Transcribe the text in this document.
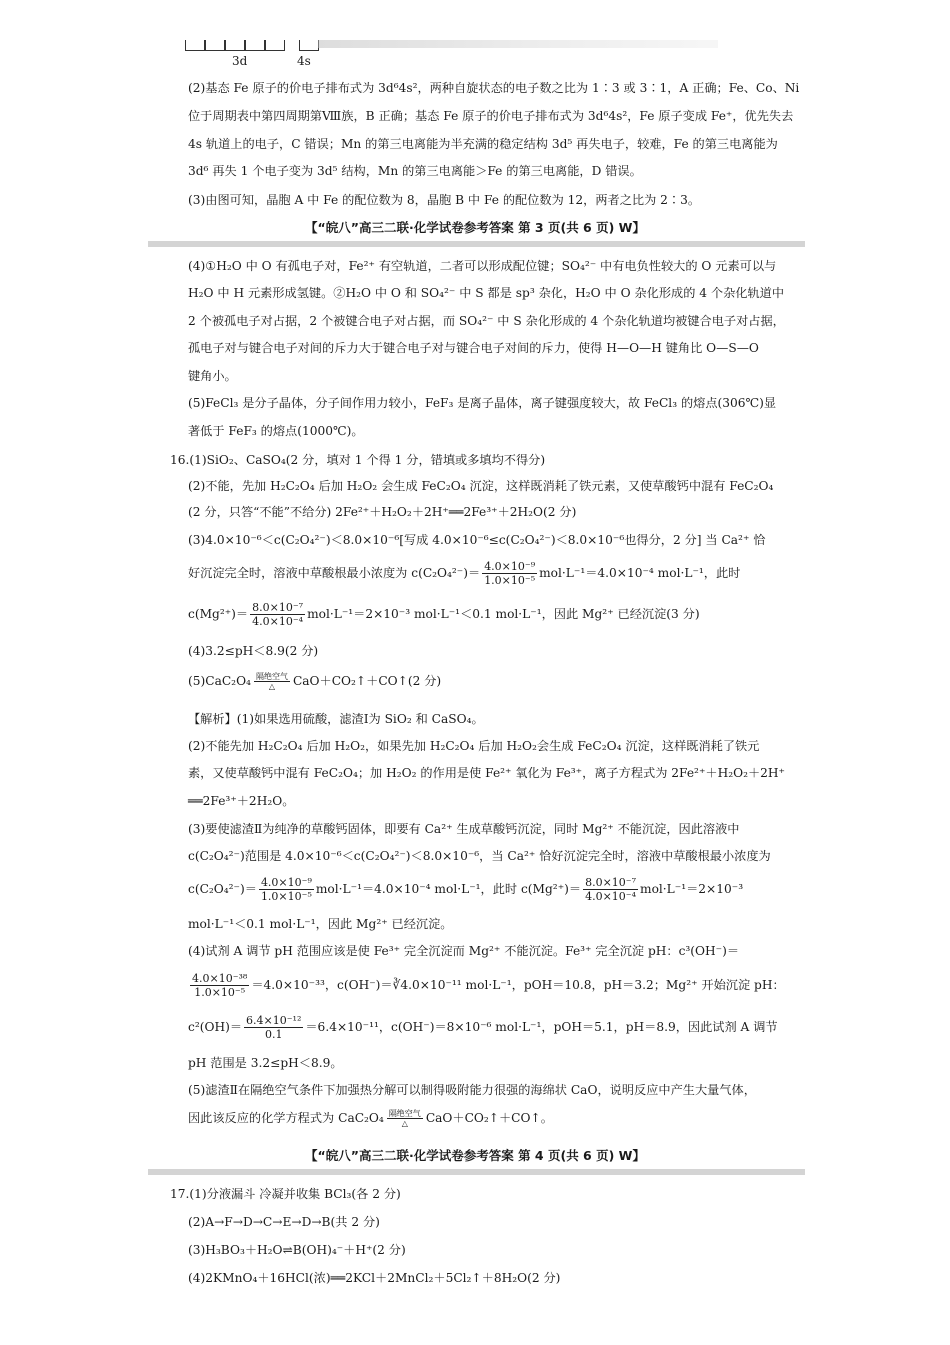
3d	4s
(2)基态 Fe 原子的价电子排布式为 3d⁶4s²，两种自旋状态的电子数之比为 1∶3 或 3∶1，A 正确；Fe、Co、Ni
位于周期表中第四周期第Ⅷ族，B 正确；基态 Fe 原子的价电子排布式为 3d⁶4s²，Fe 原子变成 Fe⁺，优先失去
4s 轨道上的电子，C 错误；Mn 的第三电离能为半充满的稳定结构 3d⁵ 再失电子，较难，Fe 的第三电离能为
3d⁶ 再失 1 个电子变为 3d⁵ 结构，Mn 的第三电离能＞Fe 的第三电离能，D 错误。
(3)由图可知，晶胞 A 中 Fe 的配位数为 8，晶胞 B 中 Fe 的配位数为 12，两者之比为 2∶3。
【“皖八”高三二联·化学试卷参考答案 第 3 页(共 6 页) W】
(4)①H₂O 中 O 有孤电子对，Fe²⁺ 有空轨道，二者可以形成配位键；SO₄²⁻ 中有电负性较大的 O 元素可以与
H₂O 中 H 元素形成氢键。②H₂O 中 O 和 SO₄²⁻ 中 S 都是 sp³ 杂化，H₂O 中 O 杂化形成的 4 个杂化轨道中
2 个被孤电子对占据，2 个被键合电子对占据，而 SO₄²⁻ 中 S 杂化形成的 4 个杂化轨道均被键合电子对占据，
孤电子对与键合电子对间的斥力大于键合电子对与键合电子对间的斥力，使得 H—O—H 键角比 O—S—O
键角小。
(5)FeCl₃ 是分子晶体，分子间作用力较小，FeF₃ 是离子晶体，离子键强度较大，故 FeCl₃ 的熔点(306℃)显
著低于 FeF₃ 的熔点(1000℃)。
16.(1)SiO₂、CaSO₄(2 分，填对 1 个得 1 分，错填或多填均不得分)
(2)不能，先加 H₂C₂O₄ 后加 H₂O₂ 会生成 FeC₂O₄ 沉淀，这样既消耗了铁元素，又使草酸钙中混有 FeC₂O₄
(2 分，只答“不能”不给分) 2Fe²⁺＋H₂O₂＋2H⁺══2Fe³⁺＋2H₂O(2 分)
(3)4.0×10⁻⁶＜c(C₂O₄²⁻)＜8.0×10⁻⁶[写成 4.0×10⁻⁶≤c(C₂O₄²⁻)＜8.0×10⁻⁶也得分，2 分] 当 Ca²⁺ 恰
好沉淀完全时，溶液中草酸根最小浓度为 $c(C_2O_4^{2-})= \frac{\text{4.0×10⁻⁹}}{\text{1.0×10⁻⁵}} mol\cdot L^{-1}=4.0\times 10^{-4}$ mol·L⁻¹，此时
$c(Mg^{2+})= \frac{\text{8.0×10⁻⁷}}{\text{4.0×10⁻⁴}} mol\cdot L^{-1}=2\times 10^{-3}$ mol·L⁻¹＜0.1 mol·L⁻¹，因此 Mg²⁺ 已经沉淀(3 分)
(4)3.2≤pH＜8.9(2 分)
(5)CaC₂O₄ 隔绝空气
△	CaO＋CO₂↑＋CO↑(2 分)
【解析】(1)如果选用硫酸，滤渣Ⅰ为 SiO₂ 和 CaSO₄。
(2)不能先加 H₂C₂O₄ 后加 H₂O₂，如果先加 H₂C₂O₄ 后加 H₂O₂会生成 FeC₂O₄ 沉淀，这样既消耗了铁元
素，又使草酸钙中混有 FeC₂O₄；加 H₂O₂ 的作用是使 Fe²⁺ 氧化为 Fe³⁺，离子方程式为 2Fe²⁺＋H₂O₂＋2H⁺
══2Fe³⁺＋2H₂O。
(3)要使滤渣Ⅱ为纯净的草酸钙固体，即要有 Ca²⁺ 生成草酸钙沉淀，同时 Mg²⁺ 不能沉淀，因此溶液中
c(C₂O₄²⁻)范围是 4.0×10⁻⁶＜c(C₂O₄²⁻)＜8.0×10⁻⁶，当 Ca²⁺ 恰好沉淀完全时，溶液中草酸根最小浓度为
$c(C_2O_4^{2-})= \frac{\text{4.0×10⁻⁹}}{\text{1.0×10⁻⁵}} mol\cdot L^{-1}=4.0\times 10^{-4}$ mol·L⁻¹，此时 $c(Mg^{2+})= \frac{\text{8.0×10⁻⁷}}{\text{4.0×10⁻⁴}} mol\cdot L^{-1}=2\times 10^{-3}$
mol·L⁻¹＜0.1 mol·L⁻¹，因此 Mg²⁺ 已经沉淀。
(4)试剂 A 调节 pH 范围应该是使 Fe³⁺ 完全沉淀而 Mg²⁺ 不能沉淀。Fe³⁺ 完全沉淀 pH：c³(OH⁻)＝
$\frac{\text{4.0×10⁻³⁸}}{\text{1.0×10⁻⁵}} =4.0\times 10^{-33}$，c(OH⁻)＝∛4.0×10⁻¹¹ mol·L⁻¹，pOH＝10.8，pH＝3.2；Mg²⁺ 开始沉淀 pH：
$c^2(OH)= \frac{\text{6.4×10⁻¹²}}{0.1} =6.4\times 10^{-11}$，c(OH⁻)＝8×10⁻⁶ mol·L⁻¹，pOH＝5.1，pH＝8.9，因此试剂 A 调节
pH 范围是 3.2≤pH＜8.9。
(5)滤渣Ⅱ在隔绝空气条件下加强热分解可以制得吸附能力很强的海绵状 CaO，说明反应中产生大量气体，
因此该反应的化学方程式为 CaC₂O₄ 隔绝空气
△	CaO＋CO₂↑＋CO↑。
【“皖八”高三二联·化学试卷参考答案 第 4 页(共 6 页) W】
17.(1)分液漏斗 冷凝并收集 BCl₃(各 2 分)
(2)A→F→D→C→E→D→B(共 2 分)
(3)H₃BO₃＋H₂O⇌B(OH)₄⁻＋H⁺(2 分)
(4)2KMnO₄＋16HCl(浓)══2KCl＋2MnCl₂＋5Cl₂↑＋8H₂O(2 分)
